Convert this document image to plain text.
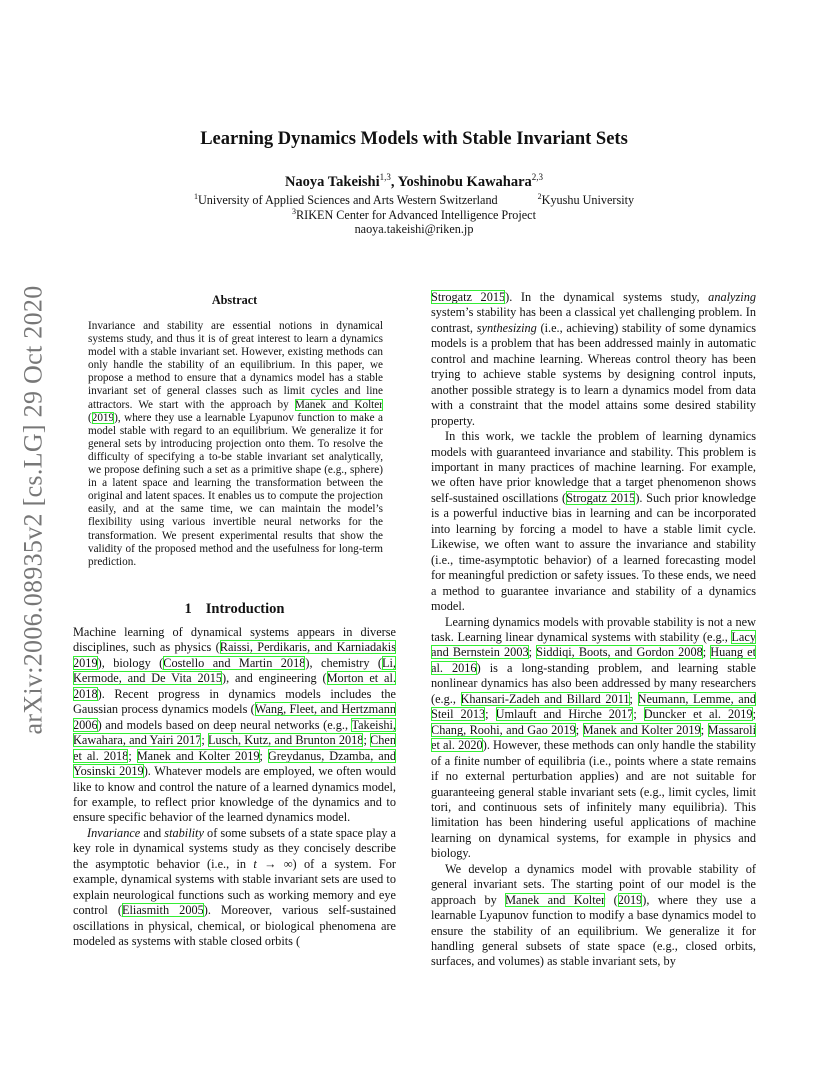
arXiv:2006.08935v2 [cs.LG] 29 Oct 2020
Learning Dynamics Models with Stable Invariant Sets
Naoya Takeishi$^{1,3}$, Yoshinobu Kawahara$^{2,3}$
$^1$University of Applied Sciences and Arts Western Switzerland	$^2$Kyushu University
$^3$RIKEN Center for Advanced Intelligence Project
naoya.takeishi@riken.jp
Abstract
Invariance and stability are essential notions in dynamical systems study, and thus it is of great interest to learn a dynamics model with a stable invariant set. However, existing methods can only handle the stability of an equilibrium. In this paper, we propose a method to ensure that a dynamics model has a stable invariant set of general classes such as limit cycles and line attractors. We start with the approach by Manek and Kolter (2019), where they use a learnable Lyapunov function to make a model stable with regard to an equilibrium. We generalize it for general sets by introducing projection onto them. To resolve the difficulty of specifying a to-be stable invariant set analytically, we propose defining such a set as a primitive shape (e.g., sphere) in a latent space and learning the transformation between the original and latent spaces. It enables us to compute the projection easily, and at the same time, we can maintain the model’s flexibility using various invertible neural networks for the transformation. We present experimental results that show the validity of the proposed method and the usefulness for long-term prediction.
1 Introduction

Machine learning of dynamical systems appears in diverse disciplines, such as physics (Raissi, Perdikaris, and Karniadakis 2019), biology (Costello and Martin 2018), chemistry (Li, Kermode, and De Vita 2015), and engineering (Morton et al. 2018). Recent progress in dynamics models includes the Gaussian process dynamics models (Wang, Fleet, and Hertzmann 2006) and models based on deep neural networks (e.g., Takeishi, Kawahara, and Yairi 2017; Lusch, Kutz, and Brunton 2018; Chen et al. 2018; Manek and Kolter 2019; Greydanus, Dzamba, and Yosinski 2019). Whatever models are employed, we often would like to know and control the nature of a learned dynamics model, for example, to reflect prior knowledge of the dynamics and to ensure specific behavior of the learned dynamics model.

Invariance and stability of some subsets of a state space play a key role in dynamical systems study as they concisely describe the asymptotic behavior (i.e., in t → ∞) of a system. For example, dynamical systems with stable invariant sets are used to explain neurological functions such as working memory and eye control (Eliasmith 2005). Moreover, various self-sustained oscillations in physical, chemical, or biological phenomena are modeled as systems with stable closed orbits (

Strogatz 2015). In the dynamical systems study, analyzing system’s stability has been a classical yet challenging problem. In contrast, synthesizing (i.e., achieving) stability of some dynamics models is a problem that has been addressed mainly in automatic control and machine learning. Whereas control theory has been trying to achieve stable systems by designing control inputs, another possible strategy is to learn a dynamics model from data with a constraint that the model attains some desired stability property.

In this work, we tackle the problem of learning dynamics models with guaranteed invariance and stability. This problem is important in many practices of machine learning. For example, we often have prior knowledge that a target phenomenon shows self-sustained oscillations (Strogatz 2015). Such prior knowledge is a powerful inductive bias in learning and can be incorporated into learning by forcing a model to have a stable limit cycle. Likewise, we often want to assure the invariance and stability (i.e., time-asymptotic behavior) of a learned forecasting model for meaningful prediction or safety issues. To these ends, we need a method to guarantee invariance and stability of a dynamics model.

Learning dynamics models with provable stability is not a new task. Learning linear dynamical systems with stability (e.g., Lacy and Bernstein 2003; Siddiqi, Boots, and Gordon 2008; Huang et al. 2016) is a long-standing problem, and learning stable nonlinear dynamics has also been addressed by many researchers (e.g., Khansari-Zadeh and Billard 2011; Neumann, Lemme, and Steil 2013; Umlauft and Hirche 2017; Duncker et al. 2019; Chang, Roohi, and Gao 2019; Manek and Kolter 2019; Massaroli et al. 2020). However, these methods can only handle the stability of a finite number of equilibria (i.e., points where a state remains if no external perturbation applies) and are not suitable for guaranteeing general stable invariant sets (e.g., limit cycles, limit tori, and continuous sets of infinitely many equilibria). This limitation has been hindering useful applications of machine learning on dynamical systems, for example in physics and biology.

We develop a dynamics model with provable stability of general invariant sets. The starting point of our model is the approach by Manek and Kolter (2019), where they use a learnable Lyapunov function to modify a base dynamics model to ensure the stability of an equilibrium. We generalize it for handling general subsets of state space (e.g., closed orbits, surfaces, and volumes) as stable invariant sets, by
